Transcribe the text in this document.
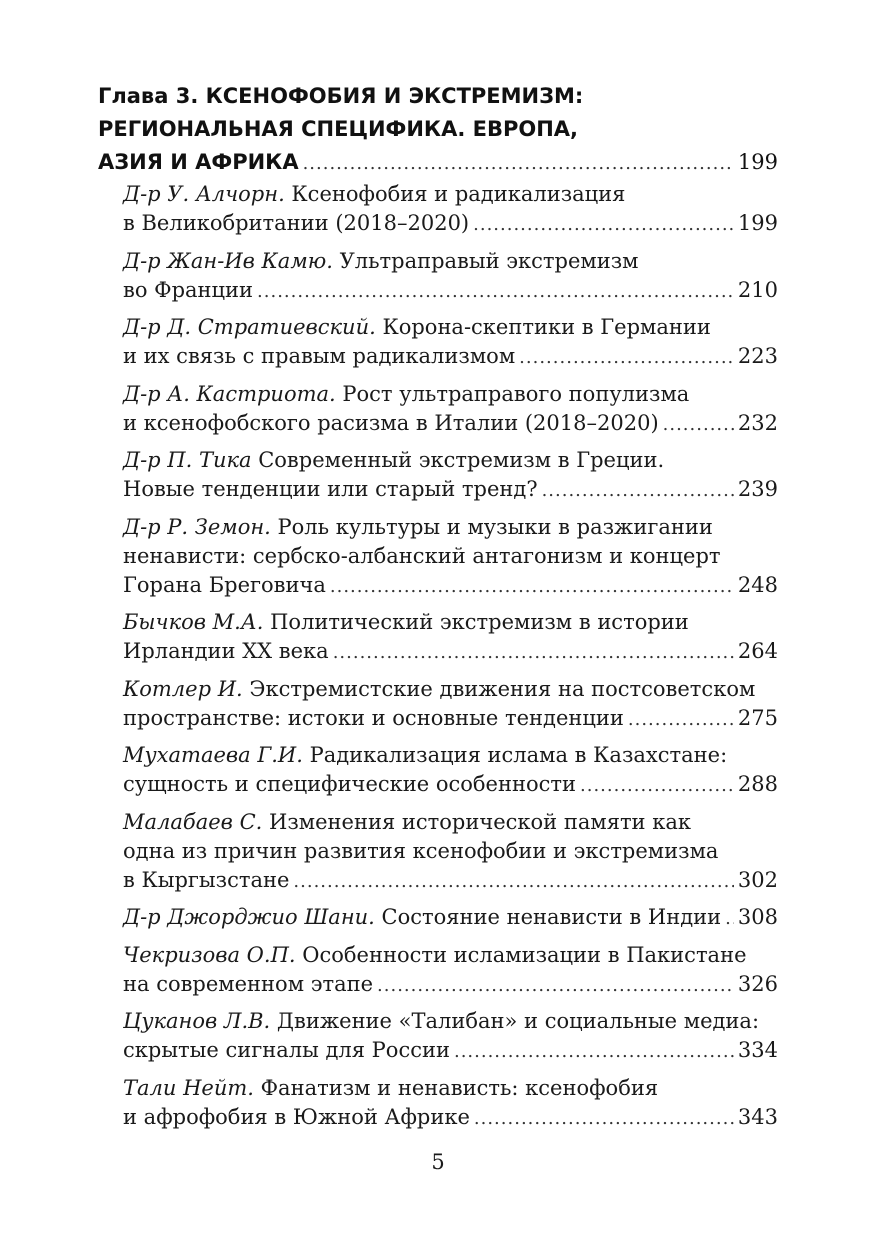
Глава 3. КСЕНОФОБИЯ И ЭКСТРЕМИЗМ:
РЕГИОНАЛЬНАЯ СПЕЦИФИКА. ЕВРОПА,
АЗИЯ И АФРИКА .....	199
Д-р У. Алчорн. Ксенофобия и радикализация
в Великобритании (2018–2020) .....	199
Д-р Жан-Ив Камю. Ультраправый экстремизм
во Франции .....	210
Д-р Д. Стратиевский. Корона-скептики в Германии
и их связь с правым радикализмом .....	223
Д-р А. Кастриота. Рост ультраправого популизма
и ксенофобского расизма в Италии (2018–2020) .....	232
Д-р П. Тика Современный экстремизм в Греции.
Новые тенденции или старый тренд? .....	239
Д-р Р. Земон. Роль культуры и музыки в разжигании
ненависти: сербско-албанский антагонизм и концерт
Горана Бреговича .....	248
Бычков М.А. Политический экстремизм в истории
Ирландии XX века .....	264
Котлер И. Экстремистские движения на постсоветском
пространстве: истоки и основные тенденции .....	275
Мухатаева Г.И. Радикализация ислама в Казахстане:
сущность и специфические особенности .....	288
Малабаев С. Изменения исторической памяти как
одна из причин развития ксенофобии и экстремизма
в Кыргызстане .....	302
Д-р Джорджио Шани. Состояние ненависти в Индии ..... 308
Чекризова О.П. Особенности исламизации в Пакистане
на современном этапе .....	326
Цуканов Л.В. Движение «Талибан» и социальные медиа:
скрытые сигналы для России .....	334
Тали Нейт. Фанатизм и ненависть: ксенофобия
и афрофобия в Южной Африке .....	343
5
